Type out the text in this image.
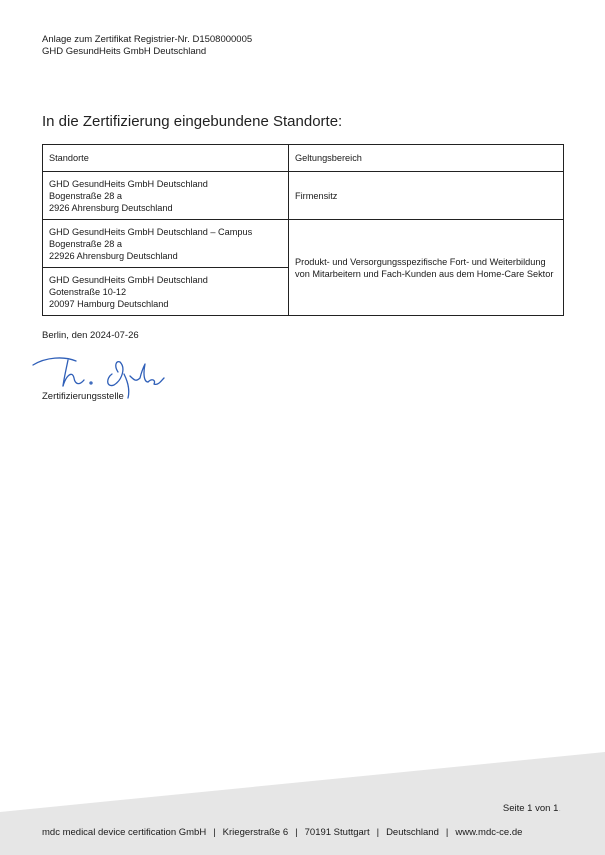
Anlage zum Zertifikat Registrier-Nr. D1508000005
GHD GesundHeits GmbH Deutschland
In die Zertifizierung eingebundene Standorte:
Standorte	Geltungsbereich

GHD GesundHeits GmbH Deutschland
Bogenstraße 28 a
2926 Ahrensburg Deutschland	Firmensitz

GHD GesundHeits GmbH Deutschland – Campus
Bogenstraße 28 a
22926 Ahrensburg Deutschland	Produkt- und Versorgungsspezifische Fort- und Weiterbildung von Mitarbeitern und Fach-Kunden aus dem Home-Care Sektor

GHD GesundHeits GmbH Deutschland
Gotenstraße 10-12
20097 Hamburg Deutschland	
Berlin, den 2024-07-26
Zertifizierungsstelle
Seite 1 von 1.
mdc medical device certification GmbH | Kriegerstraße 6 | 70191 Stuttgart | Deutschland | www.mdc-ce.de
